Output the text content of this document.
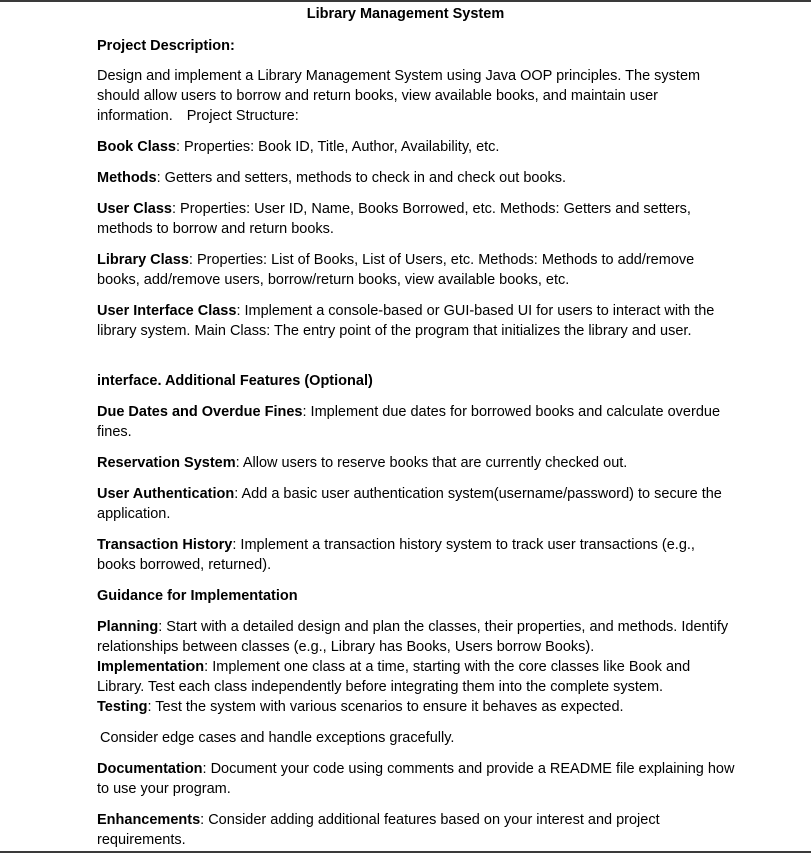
Library Management System
Project Description:
Design and implement a Library Management System using Java OOP principles. The system should allow users to borrow and return books, view available books, and maintain user information. Project Structure:
Book Class: Properties: Book ID, Title, Author, Availability, etc.
Methods: Getters and setters, methods to check in and check out books.
User Class: Properties: User ID, Name, Books Borrowed, etc. Methods: Getters and setters, methods to borrow and return books.
Library Class: Properties: List of Books, List of Users, etc. Methods: Methods to add/remove books, add/remove users, borrow/return books, view available books, etc.
User Interface Class: Implement a console-based or GUI-based UI for users to interact with the library system. Main Class: The entry point of the program that initializes the library and user.
interface. Additional Features (Optional)
Due Dates and Overdue Fines: Implement due dates for borrowed books and calculate overdue fines.
Reservation System: Allow users to reserve books that are currently checked out.
User Authentication: Add a basic user authentication system(username/password) to secure the application.
Transaction History: Implement a transaction history system to track user transactions (e.g., books borrowed, returned).
Guidance for Implementation
Planning: Start with a detailed design and plan the classes, their properties, and methods. Identify relationships between classes (e.g., Library has Books, Users borrow Books).
Implementation: Implement one class at a time, starting with the core classes like Book and Library. Test each class independently before integrating them into the complete system.
Testing: Test the system with various scenarios to ensure it behaves as expected.
Consider edge cases and handle exceptions gracefully.
Documentation: Document your code using comments and provide a README file explaining how to use your program.
Enhancements: Consider adding additional features based on your interest and project requirements.
